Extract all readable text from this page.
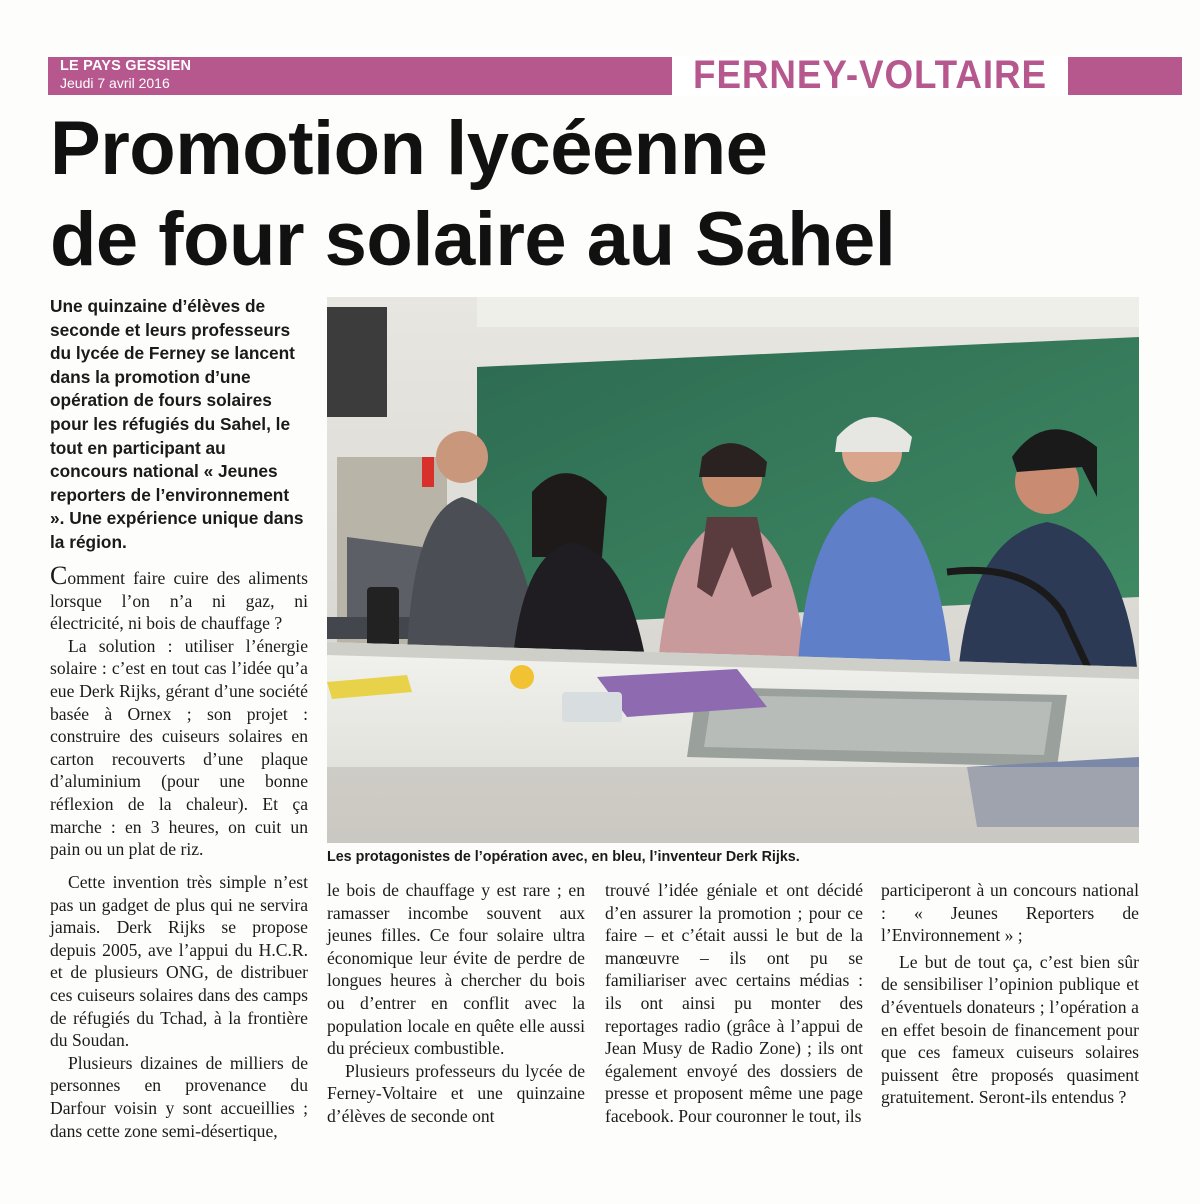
LE PAYS GESSIEN
Jeudi 7 avril 2016	FERNEY-VOLTAIRE
Promotion lycéenne
de four solaire au Sahel
Une quinzaine d’élèves de seconde et leurs professeurs du lycée de Ferney se lancent dans la promotion d’une opération de fours solaires pour les réfugiés du Sahel, le tout en participant au concours national « Jeunes reporters de l’environnement ». Une expérience unique dans la région.

Comment faire cuire des aliments lorsque l’on n’a ni gaz, ni électricité, ni bois de chauffage ?

La solution : utiliser l’énergie solaire : c’est en tout cas l’idée qu’a eue Derk Rijks, gérant d’une société basée à Ornex ; son projet : construire des cuiseurs solaires en carton recouverts d’une plaque d’aluminium (pour une bonne réflexion de la chaleur). Et ça marche : en 3 heures, on cuit un pain ou un plat de riz.

Cette invention très simple n’est pas un gadget de plus qui ne servira jamais. Derk Rijks se propose depuis 2005, ave l’appui du H.C.R. et de plusieurs ONG, de distribuer ces cuiseurs solaires dans des camps de réfugiés du Tchad, à la frontière du Soudan.

Plusieurs dizaines de milliers de personnes en provenance du Darfour voisin y sont accueillies ; dans cette zone semi-désertique,

Les protagonistes de l’opération avec, en bleu, l’inventeur Derk Rijks.

le bois de chauffage y est rare ; en ramasser incombe souvent aux jeunes filles. Ce four solaire ultra économique leur évite de perdre de longues heures à chercher du bois ou d’entrer en conflit avec la population locale en quête elle aussi du précieux combustible.

Plusieurs professeurs du lycée de Ferney-Voltaire et une quinzaine d’élèves de seconde ont

trouvé l’idée géniale et ont décidé d’en assurer la promotion ; pour ce faire – et c’était aussi le but de la manœuvre – ils ont pu se familiariser avec certains médias : ils ont ainsi pu monter des reportages radio (grâce à l’appui de Jean Musy de Radio Zone) ; ils ont également envoyé des dossiers de presse et proposent même une page facebook. Pour couronner le tout, ils

participeront à un concours national : « Jeunes Reporters de l’Environnement » ;

Le but de tout ça, c’est bien sûr de sensibiliser l’opinion publique et d’éventuels donateurs ; l’opération a en effet besoin de financement pour que ces fameux cuiseurs solaires puissent être proposés quasiment gratuitement. Seront-ils entendus ?
